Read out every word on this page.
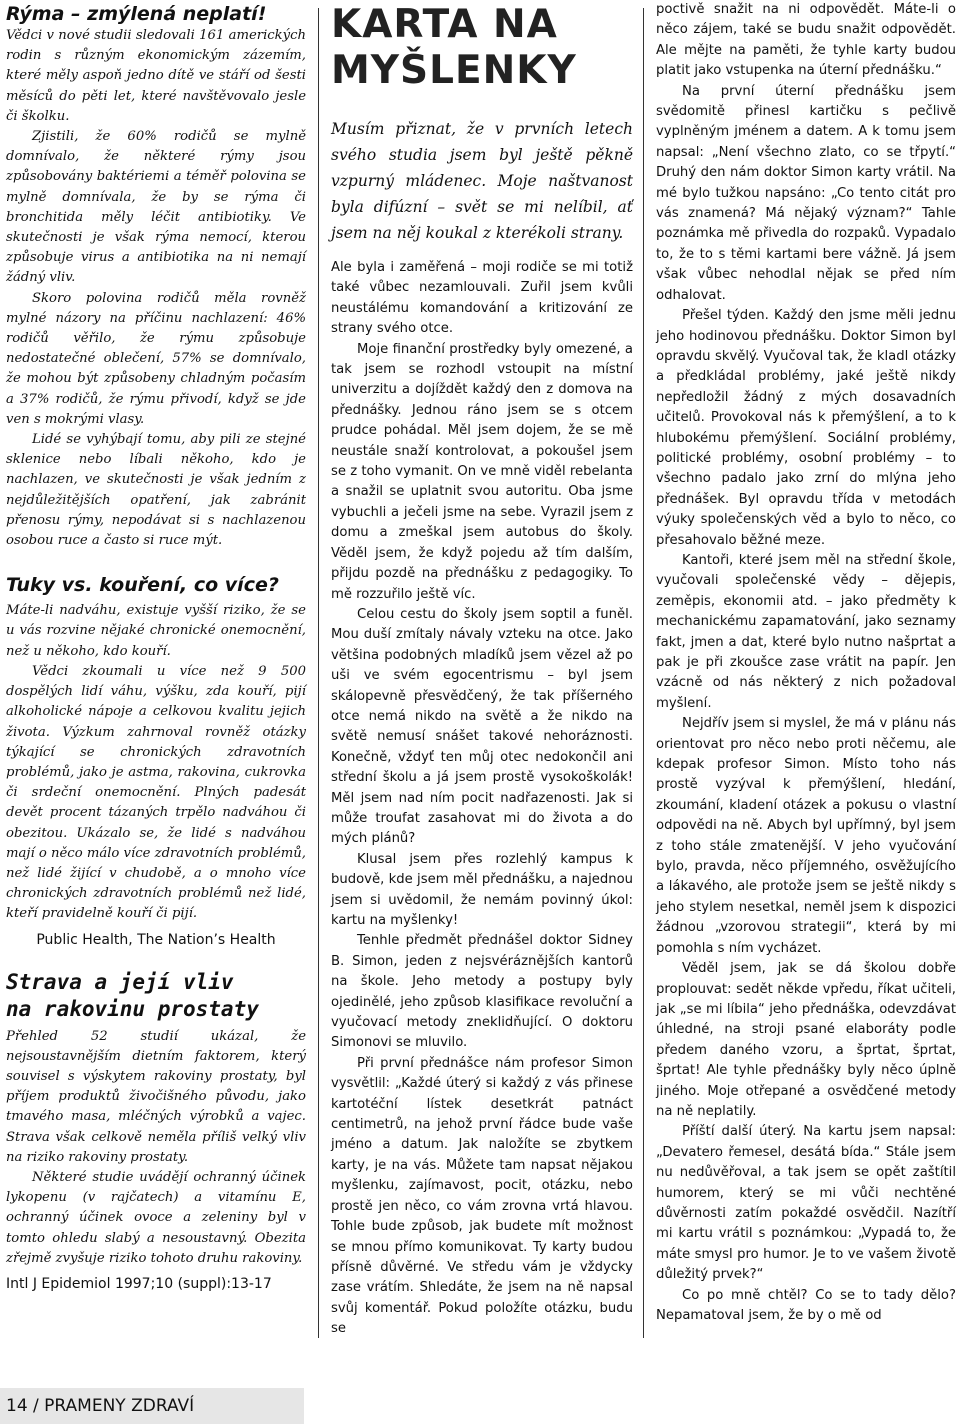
Rýma – zmýlená neplatí!

Vědci v nové studii sledovali 161 amerických rodin s různým ekonomickým zázemím, které měly aspoň jedno dítě ve stáří od šesti měsíců do pěti let, které navštěvovalo jesle či školku.

Zjistili, že 60% rodičů se mylně domnívalo, že některé rýmy jsou způsobovány baktériemi a téměř polovina se mylně domnívala, že by se rýma či bronchitida měly léčit antibiotiky. Ve skutečnosti je však rýma nemocí, kterou způsobuje virus a antibiotika na ni nemají žádný vliv.

Skoro polovina rodičů měla rovněž mylné názory na příčinu nachlazení: 46% rodičů věřilo, že rýmu způsobuje nedostatečné oblečení, 57% se domnívalo, že mohou být způsobeny chladným počasím a 37% rodičů, že rýmu přivodí, když se jde ven s mokrými vlasy.

Lidé se vyhýbají tomu, aby pili ze stejné sklenice nebo líbali někoho, kdo je nachlazen, ve skutečnosti je však jedním z nejdůležitějších opatření, jak zabránit přenosu rýmy, nepodávat si s nachlazenou osobou ruce a často si ruce mýt.

Tuky vs. kouření, co více?

Máte-li nadváhu, existuje vyšší riziko, že se u vás rozvine nějaké chronické onemocnění, než u někoho, kdo kouří.

Vědci zkoumali u více než 9 500 dospělých lidí váhu, výšku, zda kouří, pijí alkoholické nápoje a celkovou kvalitu jejich života. Výzkum zahrnoval rovněž otázky týkající se chronických zdravotních problémů, jako je astma, rakovina, cukrovka či srdeční onemocnění. Plných padesát devět procent tázaných trpělo nadváhou či obezitou. Ukázalo se, že lidé s nadváhou mají o něco málo více zdravotních problémů, než lidé žijící v chudobě, a o mnoho více chronických zdravotních problémů než lidé, kteří pravidelně kouří či pijí.

Public Health, The Nation’s Health

Strava a její vliv
na rakovinu prostaty

Přehled 52 studií ukázal, že nejsoustavnějším dietním faktorem, který souvisel s výskytem rakoviny prostaty, byl příjem produktů živočišného původu, jako tmavého masa, mléčných výrobků a vajec. Strava však celkově neměla příliš velký vliv na riziko rakoviny prostaty.

Některé studie uvádějí ochranný účinek lykopenu (v rajčatech) a vitamínu E, ochranný účinek ovoce a zeleniny byl v tomto ohledu slabý a nesoustavný. Obezita zřejmě zvyšuje riziko tohoto druhu rakoviny.

Intl J Epidemiol 1997;10 (suppl):13-17

KARTA NA
MYŠLENKY

Musím přiznat, že v prvních letech svého studia jsem byl ještě pěkně vzpurný mládenec. Moje naštvanost byla difúzní – svět se mi nelíbil, ať jsem na něj koukal z kterékoli strany.

Ale byla i zaměřená – moji rodiče se mi totiž také vůbec nezamlouvali. Zuřil jsem kvůli neustálému komandování a kritizování ze strany svého otce.

Moje finanční prostředky byly omezené, a tak jsem se rozhodl vstoupit na místní univerzitu a dojíždět každý den z domova na přednášky. Jednou ráno jsem se s otcem prudce pohádal. Měl jsem dojem, že se mě neustále snaží kontrolovat, a pokoušel jsem se z toho vymanit. On ve mně viděl rebelanta a snažil se uplatnit svou autoritu. Oba jsme vybuchli a ječeli jsme na sebe. Vyrazil jsem z domu a zmeškal jsem autobus do školy. Věděl jsem, že když pojedu až tím dalším, přijdu pozdě na přednášku z pedagogiky. To mě rozzuřilo ještě víc.

Celou cestu do školy jsem soptil a funěl. Mou duší zmítaly návaly vzteku na otce. Jako většina podobných mladíků jsem vězel až po uši ve svém egocentrismu – byl jsem skálopevně přesvědčený, že tak příšerného otce nemá nikdo na světě a že nikdo na světě nemusí snášet takové nehoráznosti. Konečně, vždyť ten můj otec nedokončil ani střední školu a já jsem prostě vysokoškolák! Měl jsem nad ním pocit nadřazenosti. Jak si může troufat zasahovat mi do života a do mých plánů?

Klusal jsem přes rozlehlý kampus k budově, kde jsem měl přednášku, a najednou jsem si uvědomil, že nemám povinný úkol: kartu na myšlenky!

Tenhle předmět přednášel doktor Sidney B. Simon, jeden z nejsvéráznějších kantorů na škole. Jeho metody a postupy byly ojedinělé, jeho způsob klasifikace revoluční a vyučovací metody zneklidňující. O doktoru Simonovi se mluvilo.

Při první přednášce nám profesor Simon vysvětlil: „Každé úterý si každý z vás přinese kartotéční lístek desetkrát patnáct centimetrů, na jehož první řádce bude vaše jméno a datum. Jak naložíte se zbytkem karty, je na vás. Můžete tam napsat nějakou myšlenku, zajímavost, pocit, otázku, nebo prostě jen něco, co vám zrovna vrtá hlavou. Tohle bude způsob, jak budete mít možnost se mnou přímo komunikovat. Ty karty budou přísně důvěrné. Ve středu vám je vždycky zase vrátím. Shledáte, že jsem na ně napsal svůj komentář. Pokud položíte otázku, budu se

poctivě snažit na ni odpovědět. Máte-li o něco zájem, také se budu snažit odpovědět. Ale mějte na paměti, že tyhle karty budou platit jako vstupenka na úterní přednášku.“

Na první úterní přednášku jsem svědomitě přinesl kartičku s pečlivě vyplněným jménem a datem. A k tomu jsem napsal: „Není všechno zlato, co se třpytí.“ Druhý den nám doktor Simon karty vrátil. Na mé bylo tužkou napsáno: „Co tento citát pro vás znamená? Má nějaký význam?“ Tahle poznámka mě přivedla do rozpaků. Vypadalo to, že to s těmi kartami bere vážně. Já jsem však vůbec nehodlal nějak se před ním odhalovat.

Přešel týden. Každý den jsme měli jednu jeho hodinovou přednášku. Doktor Simon byl opravdu skvělý. Vyučoval tak, že kladl otázky a předkládal problémy, jaké ještě nikdy nepředložil žádný z mých dosavadních učitelů. Provokoval nás k přemýšlení, a to k hlubokému přemýšlení. Sociální problémy, politické problémy, osobní problémy – to všechno padalo jako zrní do mlýna jeho přednášek. Byl opravdu třída v metodách výuky společenských věd a bylo to něco, co přesahovalo běžné meze.

Kantoři, které jsem měl na střední škole, vyučovali společenské vědy – dějepis, zeměpis, ekonomii atd. – jako předměty k mechanickému zapamatování, jako seznamy fakt, jmen a dat, které bylo nutno našprtat a pak je při zkoušce zase vrátit na papír. Jen vzácně od nás některý z nich požadoval myšlení.

Nejdřív jsem si myslel, že má v plánu nás orientovat pro něco nebo proti něčemu, ale kdepak profesor Simon. Místo toho nás prostě vyzýval k přemýšlení, hledání, zkoumání, kladení otázek a pokusu o vlastní odpovědi na ně. Abych byl upřímný, byl jsem z toho stále zmatenější. V jeho vyučování bylo, pravda, něco příjemného, osvěžujícího a lákavého, ale protože jsem se ještě nikdy s jeho stylem nesetkal, neměl jsem k dispozici žádnou „vzorovou strategii“, která by mi pomohla s ním vycházet.

Věděl jsem, jak se dá školou dobře proplouvat: sedět někde vpředu, říkat učiteli, jak „se mi líbila“ jeho přednáška, odevzdávat úhledné, na stroji psané elaboráty podle předem daného vzoru, a šprtat, šprtat, šprtat! Ale tyhle přednášky byly něco úplně jiného. Moje otřepané a osvědčené metody na ně neplatily.

Příští další úterý. Na kartu jsem napsal: „Devatero řemesel, desátá bída.“ Stále jsem nu nedůvěřoval, a tak jsem se opět zaštítil humorem, který se mi vůči nechtěné důvěrnosti zatím pokaždé osvědčil. Nazítří mi kartu vrátil s poznámkou: „Vypadá to, že máte smysl pro humor. Je to ve vašem životě důležitý prvek?“

Co po mně chtěl? Co se to tady dělo? Nepamatoval jsem, že by o mě od

14 / PRAMENY ZDRAVÍ
